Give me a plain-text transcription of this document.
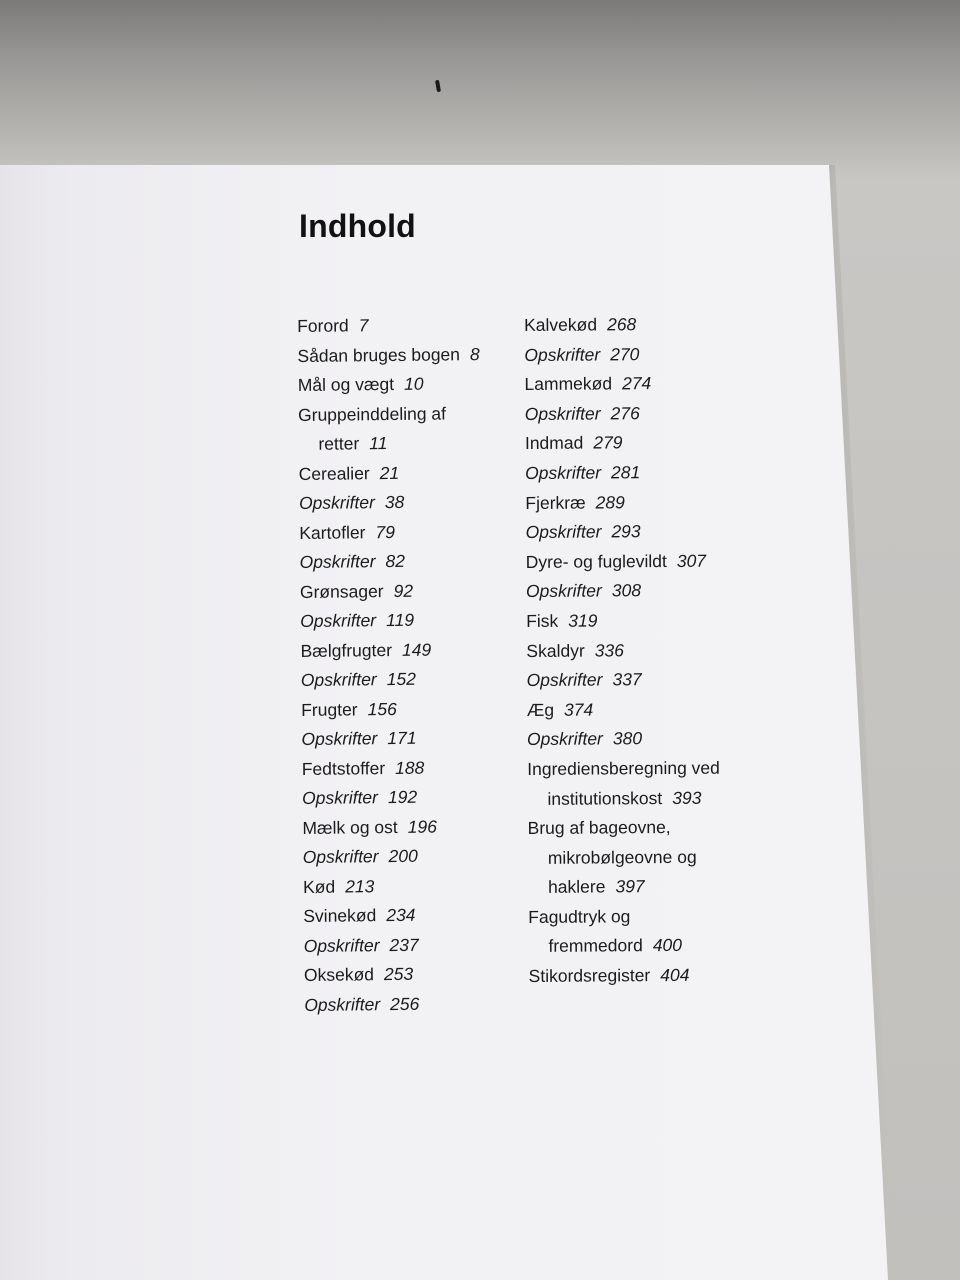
Indhold
Forord 7
Sådan bruges bogen 8
Mål og vægt 10
Gruppeinddeling af
retter 11
Cerealier 21
Opskrifter 38
Kartofler 79
Opskrifter 82
Grønsager 92
Opskrifter 119
Bælgfrugter 149
Opskrifter 152
Frugter 156
Opskrifter 171
Fedtstoffer 188
Opskrifter 192
Mælk og ost 196
Opskrifter 200
Kød 213
Svinekød 234
Opskrifter 237
Oksekød 253
Opskrifter 256
Kalvekød 268
Opskrifter 270
Lammekød 274
Opskrifter 276
Indmad 279
Opskrifter 281
Fjerkræ 289
Opskrifter 293
Dyre- og fuglevildt 307
Opskrifter 308
Fisk 319
Skaldyr 336
Opskrifter 337
Æg 374
Opskrifter 380
Ingrediensberegning ved
institutionskost 393
Brug af bageovne,
mikrobølgeovne og
haklere 397
Fagudtryk og
fremmedord 400
Stikordsregister 404
